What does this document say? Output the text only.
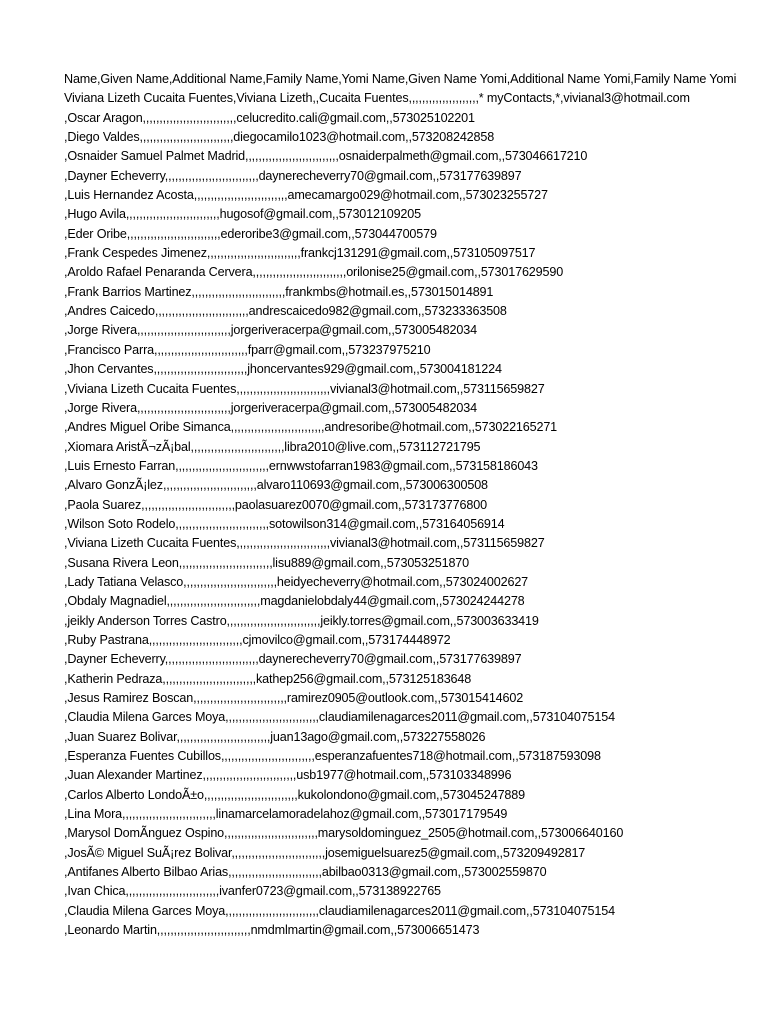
Name,Given Name,Additional Name,Family Name,Yomi Name,Given Name Yomi,Additional Name Yomi,Family Name Yomi
Viviana Lizeth Cucaita Fuentes,Viviana Lizeth,,Cucaita Fuentes,,,,,,,,,,,,,,,,,,,,,* myContacts,*,vivianal3@hotmail.com
,Oscar Aragon,,,,,,,,,,,,,,,,,,,,,,,,,,,,celucredito.cali@gmail.com,,573025102201
,Diego Valdes,,,,,,,,,,,,,,,,,,,,,,,,,,,,diegocamilo1023@hotmail.com,,573208242858
,Osnaider Samuel Palmet Madrid,,,,,,,,,,,,,,,,,,,,,,,,,,,,osnaiderpalmeth@gmail.com,,573046617210
,Dayner Echeverry,,,,,,,,,,,,,,,,,,,,,,,,,,,,daynerecheverry70@gmail.com,,573177639897
,Luis Hernandez Acosta,,,,,,,,,,,,,,,,,,,,,,,,,,,,amecamargo029@hotmail.com,,573023255727
,Hugo Avila,,,,,,,,,,,,,,,,,,,,,,,,,,,,hugosof@gmail.com,,573012109205
,Eder Oribe,,,,,,,,,,,,,,,,,,,,,,,,,,,,ederoribe3@gmail.com,,573044700579
,Frank Cespedes Jimenez,,,,,,,,,,,,,,,,,,,,,,,,,,,,frankcj131291@gmail.com,,573105097517
,Aroldo Rafael Penaranda Cervera,,,,,,,,,,,,,,,,,,,,,,,,,,,,orilonise25@gmail.com,,573017629590
,Frank Barrios Martinez,,,,,,,,,,,,,,,,,,,,,,,,,,,,frankmbs@hotmail.es,,573015014891
,Andres Caicedo,,,,,,,,,,,,,,,,,,,,,,,,,,,,andrescaicedo982@gmail.com,,573233363508
,Jorge Rivera,,,,,,,,,,,,,,,,,,,,,,,,,,,,jorgeriveracerpa@gmail.com,,573005482034
,Francisco Parra,,,,,,,,,,,,,,,,,,,,,,,,,,,,fparr@gmail.com,,573237975210
,Jhon Cervantes,,,,,,,,,,,,,,,,,,,,,,,,,,,,jhoncervantes929@gmail.com,,573004181224
,Viviana Lizeth Cucaita Fuentes,,,,,,,,,,,,,,,,,,,,,,,,,,,,vivianal3@hotmail.com,,573115659827
,Jorge Rivera,,,,,,,,,,,,,,,,,,,,,,,,,,,,jorgeriveracerpa@gmail.com,,573005482034
,Andres Miguel Oribe Simanca,,,,,,,,,,,,,,,,,,,,,,,,,,,,andresoribe@hotmail.com,,573022165271
,Xiomara AristÃ¬zÃ¡bal,,,,,,,,,,,,,,,,,,,,,,,,,,,,libra2010@live.com,,573112721795
,Luis Ernesto Farran,,,,,,,,,,,,,,,,,,,,,,,,,,,,ernwwstofarran1983@gmail.com,,573158186043
,Alvaro GonzÃ¡lez,,,,,,,,,,,,,,,,,,,,,,,,,,,,alvaro110693@gmail.com,,573006300508
,Paola Suarez,,,,,,,,,,,,,,,,,,,,,,,,,,,,paolasuarez0070@gmail.com,,573173776800
,Wilson Soto Rodelo,,,,,,,,,,,,,,,,,,,,,,,,,,,,sotowilson314@gmail.com,,573164056914
,Viviana Lizeth Cucaita Fuentes,,,,,,,,,,,,,,,,,,,,,,,,,,,,vivianal3@hotmail.com,,573115659827
,Susana Rivera Leon,,,,,,,,,,,,,,,,,,,,,,,,,,,,lisu889@gmail.com,,573053251870
,Lady Tatiana Velasco,,,,,,,,,,,,,,,,,,,,,,,,,,,,heidyecheverry@hotmail.com,,573024002627
,Obdaly Magnadiel,,,,,,,,,,,,,,,,,,,,,,,,,,,,magdanielobdaly44@gmail.com,,573024244278
,jeikly Anderson Torres Castro,,,,,,,,,,,,,,,,,,,,,,,,,,,,jeikly.torres@gmail.com,,573003633419
,Ruby Pastrana,,,,,,,,,,,,,,,,,,,,,,,,,,,,cjmovilco@gmail.com,,573174448972
,Dayner Echeverry,,,,,,,,,,,,,,,,,,,,,,,,,,,,daynerecheverry70@gmail.com,,573177639897
,Katherin Pedraza,,,,,,,,,,,,,,,,,,,,,,,,,,,,kathep256@gmail.com,,573125183648
,Jesus Ramirez Boscan,,,,,,,,,,,,,,,,,,,,,,,,,,,,ramirez0905@outlook.com,,573015414602
,Claudia Milena Garces Moya,,,,,,,,,,,,,,,,,,,,,,,,,,,,claudiamilenagarces2011@gmail.com,,573104075154
,Juan Suarez Bolivar,,,,,,,,,,,,,,,,,,,,,,,,,,,,juan13ago@gmail.com,,573227558026
,Esperanza Fuentes Cubillos,,,,,,,,,,,,,,,,,,,,,,,,,,,,esperanzafuentes718@hotmail.com,,573187593098
,Juan Alexander Martinez,,,,,,,,,,,,,,,,,,,,,,,,,,,,usb1977@hotmail.com,,573103348996
,Carlos Alberto LondoÃ±o,,,,,,,,,,,,,,,,,,,,,,,,,,,,kukolondono@gmail.com,,573045247889
,Lina Mora,,,,,,,,,,,,,,,,,,,,,,,,,,,,linamarcelamoradelahoz@gmail.com,,573017179549
,Marysol DomÃnguez Ospino,,,,,,,,,,,,,,,,,,,,,,,,,,,,marysoldominguez_2505@hotmail.com,,573006640160
,JosÃ© Miguel SuÃ¡rez Bolivar,,,,,,,,,,,,,,,,,,,,,,,,,,,,josemiguelsuarez5@gmail.com,,573209492817
,Antifanes Alberto Bilbao Arias,,,,,,,,,,,,,,,,,,,,,,,,,,,,abilbao0313@gmail.com,,573002559870
,Ivan Chica,,,,,,,,,,,,,,,,,,,,,,,,,,,,ivanfer0723@gmail.com,,573138922765
,Claudia Milena Garces Moya,,,,,,,,,,,,,,,,,,,,,,,,,,,,claudiamilenagarces2011@gmail.com,,573104075154
,Leonardo Martin,,,,,,,,,,,,,,,,,,,,,,,,,,,,nmdmlmartin@gmail.com,,573006651473
